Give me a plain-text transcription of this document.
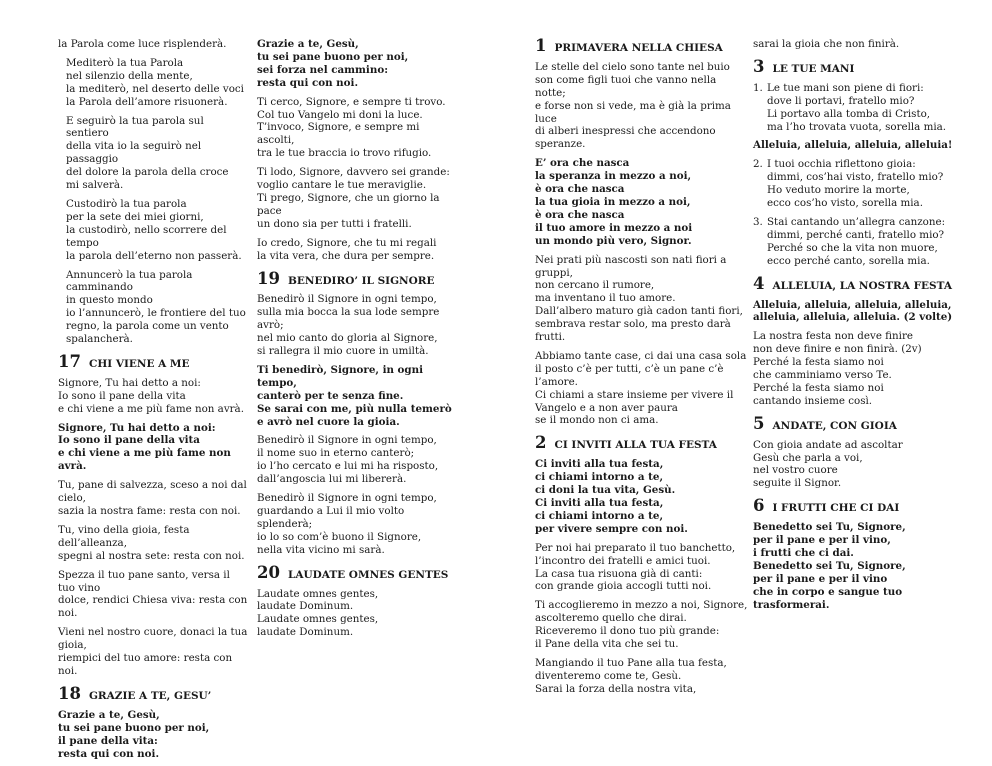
la Parola come luce risplenderà.

Mediterò la tua Parola
nel silenzio della mente,
la mediterò, nel deserto delle voci
la Parola dell’amore risuonerà.

E seguirò la tua parola sul sentiero
della vita io la seguirò nel passaggio
del dolore la parola della croce
mi salverà.

Custodirò la tua parola
per la sete dei miei giorni,
la custodirò, nello scorrere del tempo
la parola dell’eterno non passerà.

Annuncerò la tua parola camminando
in questo mondo
io l’annuncerò, le frontiere del tuo
regno, la parola come un vento
spalancherà.

17 CHI VIENE A ME

Signore, Tu hai detto a noi:
Io sono il pane della vita
e chi viene a me più fame non avrà.

Signore, Tu hai detto a noi:
Io sono il pane della vita
e chi viene a me più fame non avrà.

Tu, pane di salvezza, sceso a noi dal cielo,
sazia la nostra fame: resta con noi.

Tu, vino della gioia, festa dell’alleanza,
spegni al nostra sete: resta con noi.

Spezza il tuo pane santo, versa il tuo vino
dolce, rendici Chiesa viva: resta con noi.

Vieni nel nostro cuore, donaci la tua gioia,
riempici del tuo amore: resta con noi.

18 GRAZIE A TE, GESU’

Grazie a te, Gesù,
tu sei pane buono per noi,
il pane della vita:
resta qui con noi.

Grazie a te, Gesù,
tu sei pane buono per noi,
sei forza nel cammino:
resta qui con noi.

Ti cerco, Signore, e sempre ti trovo.
Col tuo Vangelo mi doni la luce.
T’invoco, Signore, e sempre mi ascolti,
tra le tue braccia io trovo rifugio.

Ti lodo, Signore, davvero sei grande:
voglio cantare le tue meraviglie.
Ti prego, Signore, che un giorno la pace
un dono sia per tutti i fratelli.

Io credo, Signore, che tu mi regali
la vita vera, che dura per sempre.

19 BENEDIRO’ IL SIGNORE

Benedirò il Signore in ogni tempo,
sulla mia bocca la sua lode sempre avrò;
nel mio canto do gloria al Signore,
si rallegra il mio cuore in umiltà.

Ti benedirò, Signore, in ogni tempo,
canterò per te senza fine.
Se sarai con me, più nulla temerò
e avrò nel cuore la gioia.

Benedirò il Signore in ogni tempo,
il nome suo in eterno canterò;
io l’ho cercato e lui mi ha risposto,
dall’angoscia lui mi libererà.

Benedirò il Signore in ogni tempo,
guardando a Lui il mio volto splenderà;
io lo so com’è buono il Signore,
nella vita vicino mi sarà.

20 LAUDATE OMNES GENTES

Laudate omnes gentes,
laudate Dominum.
Laudate omnes gentes,
laudate Dominum.

1 PRIMAVERA NELLA CHIESA

Le stelle del cielo sono tante nel buio
son come figli tuoi che vanno nella notte;
e forse non si vede, ma è già la prima luce
di alberi inespressi che accendono
speranze.

E’ ora che nasca
la speranza in mezzo a noi,
è ora che nasca
la tua gioia in mezzo a noi,
è ora che nasca
il tuo amore in mezzo a noi
un mondo più vero, Signor.

Nei prati più nascosti son nati fiori a gruppi,
non cercano il rumore,
ma inventano il tuo amore.
Dall’albero maturo già cadon tanti fiori,
sembrava restar solo, ma presto darà frutti.

Abbiamo tante case, ci dai una casa sola
il posto c’è per tutti, c’è un pane c’è l’amore.
Ci chiami a stare insieme per vivere il
Vangelo e a non aver paura
se il mondo non ci ama.

2 CI INVITI ALLA TUA FESTA

Ci inviti alla tua festa,
ci chiami intorno a te,
ci doni la tua vita, Gesù.
Ci inviti alla tua festa,
ci chiami intorno a te,
per vivere sempre con noi.

Per noi hai preparato il tuo banchetto,
l’incontro dei fratelli e amici tuoi.
La casa tua risuona già di canti:
con grande gioia accogli tutti noi.

Ti accoglieremo in mezzo a noi, Signore,
ascolteremo quello che dirai.
Riceveremo il dono tuo più grande:
il Pane della vita che sei tu.

Mangiando il tuo Pane alla tua festa,
diventeremo come te, Gesù.
Sarai la forza della nostra vita,

sarai la gioia che non finirà.

3 LE TUE MANI
1. Le tue mani son piene di fiori:
dove li portavi, fratello mio?
Li portavo alla tomba di Cristo,
ma l’ho trovata vuota, sorella mia.

Alleluia, alleluia, alleluia, alleluia!

2. I tuoi occhia riflettono gioia:
dimmi, cos’hai visto, fratello mio?
Ho veduto morire la morte,
ecco cos’ho visto, sorella mia.
3. Stai cantando un’allegra canzone:
dimmi, perché canti, fratello mio?
Perché so che la vita non muore,
ecco perché canto, sorella mia.
4 ALLELUIA, LA NOSTRA FESTA

Alleluia, alleluia, alleluia, alleluia,
alleluia, alleluia, alleluia. (2 volte)

La nostra festa non deve finire
non deve finire e non finirà. (2v)
Perché la festa siamo noi
che camminiamo verso Te.
Perché la festa siamo noi
cantando insieme così.

5 ANDATE, CON GIOIA

Con gioia andate ad ascoltar
Gesù che parla a voi,
nel vostro cuore
seguite il Signor.

6 I FRUTTI CHE CI DAI

Benedetto sei Tu, Signore,
per il pane e per il vino,
i frutti che ci dai.
Benedetto sei Tu, Signore,
per il pane e per il vino
che in corpo e sangue tuo trasformerai.
